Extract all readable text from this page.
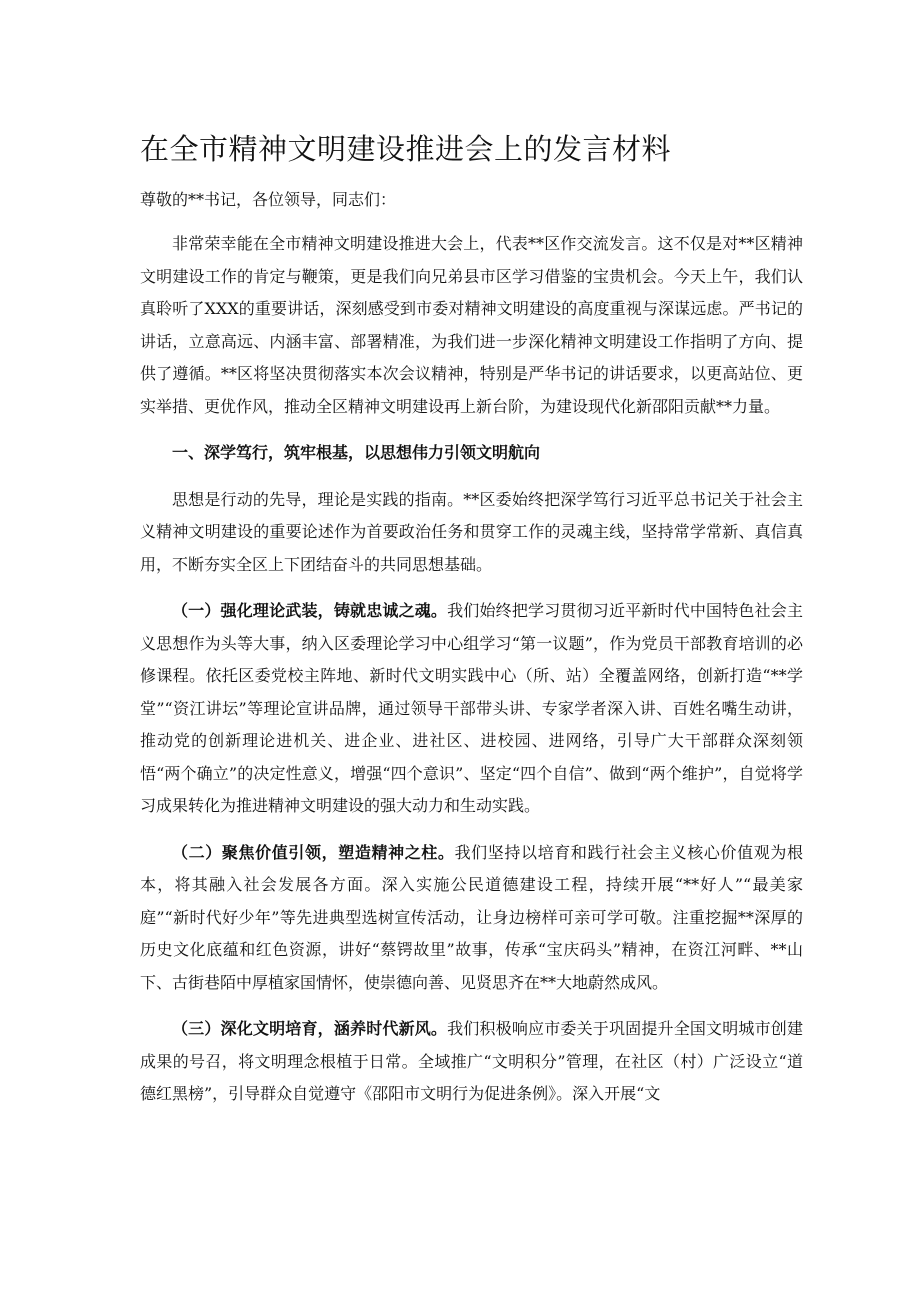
在全市精神文明建设推进会上的发言材料

尊敬的**书记，各位领导，同志们：

非常荣幸能在全市精神文明建设推进大会上，代表**区作交流发言。这不仅是对**区精神文明建设工作的肯定与鞭策，更是我们向兄弟县市区学习借鉴的宝贵机会。今天上午，我们认真聆听了XXX的重要讲话，深刻感受到市委对精神文明建设的高度重视与深谋远虑。严书记的讲话，立意高远、内涵丰富、部署精准，为我们进一步深化精神文明建设工作指明了方向、提供了遵循。**区将坚决贯彻落实本次会议精神，特别是严华书记的讲话要求，以更高站位、更实举措、更优作风，推动全区精神文明建设再上新台阶，为建设现代化新邵阳贡献**力量。

一、深学笃行，筑牢根基，以思想伟力引领文明航向

思想是行动的先导，理论是实践的指南。**区委始终把深学笃行习近平总书记关于社会主义精神文明建设的重要论述作为首要政治任务和贯穿工作的灵魂主线，坚持常学常新、真信真用，不断夯实全区上下团结奋斗的共同思想基础。

（一）强化理论武装，铸就忠诚之魂。我们始终把学习贯彻习近平新时代中国特色社会主义思想作为头等大事，纳入区委理论学习中心组学习“第一议题”，作为党员干部教育培训的必修课程。依托区委党校主阵地、新时代文明实践中心（所、站）全覆盖网络，创新打造“**学堂”“资江讲坛”等理论宣讲品牌，通过领导干部带头讲、专家学者深入讲、百姓名嘴生动讲，推动党的创新理论进机关、进企业、进社区、进校园、进网络，引导广大干部群众深刻领悟“两个确立”的决定性意义，增强“四个意识”、坚定“四个自信”、做到“两个维护”，自觉将学习成果转化为推进精神文明建设的强大动力和生动实践。

（二）聚焦价值引领，塑造精神之柱。我们坚持以培育和践行社会主义核心价值观为根本，将其融入社会发展各方面。深入实施公民道德建设工程，持续开展“**好人”“最美家庭”“新时代好少年”等先进典型选树宣传活动，让身边榜样可亲可学可敬。注重挖掘**深厚的历史文化底蕴和红色资源，讲好“蔡锷故里”故事，传承“宝庆码头”精神，在资江河畔、**山下、古街巷陌中厚植家国情怀，使崇德向善、见贤思齐在**大地蔚然成风。

（三）深化文明培育，涵养时代新风。我们积极响应市委关于巩固提升全国文明城市创建成果的号召，将文明理念根植于日常。全域推广“文明积分”管理，在社区（村）广泛设立“道德红黑榜”，引导群众自觉遵守《邵阳市文明行为促进条例》。深入开展“文
